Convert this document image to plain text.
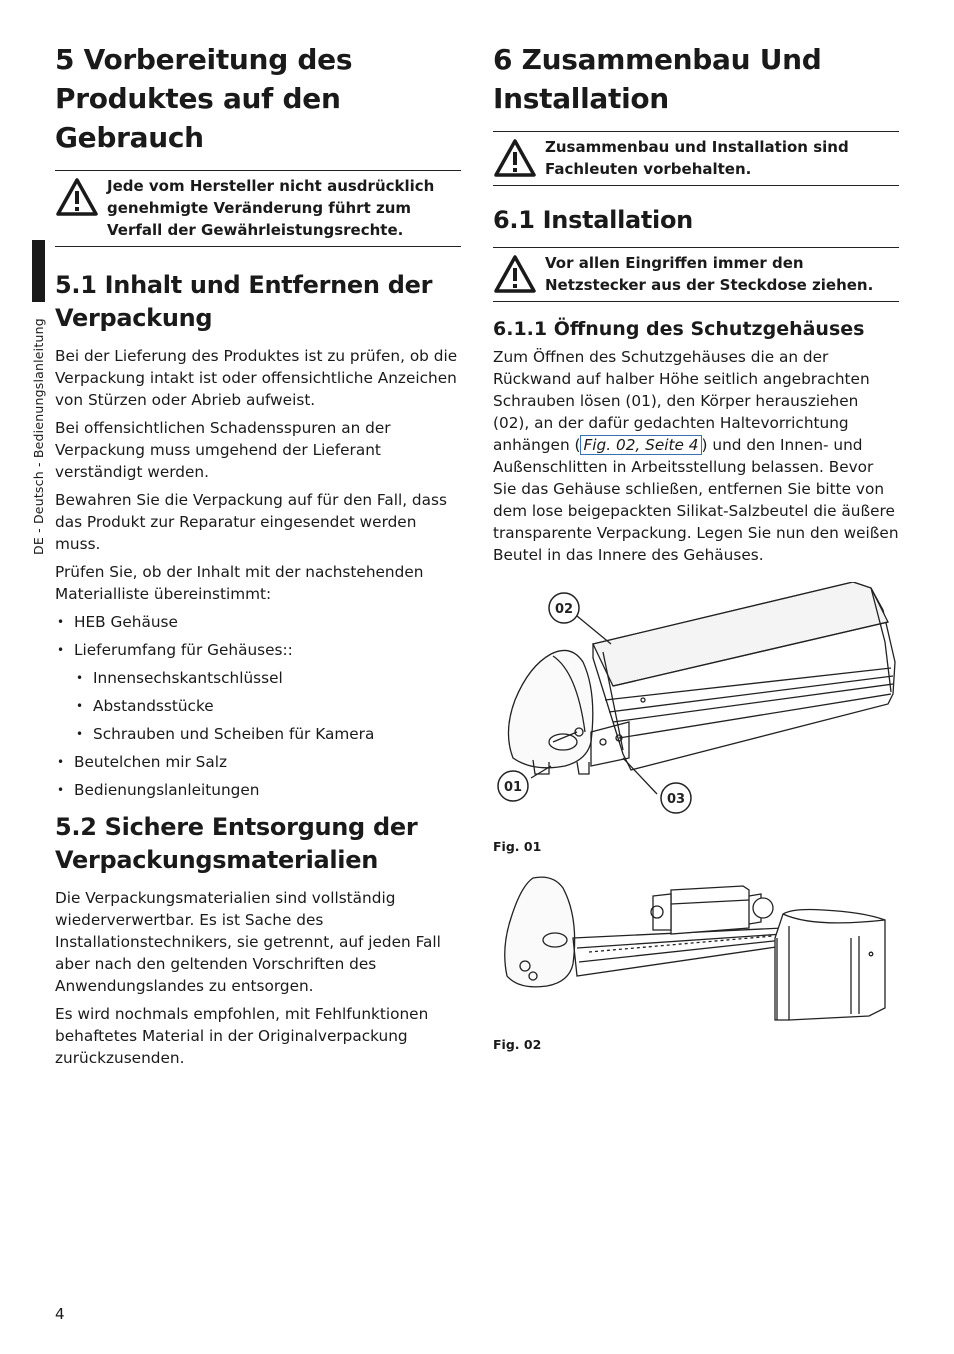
DE - Deutsch - Bedienungslanleitung
5 Vorbereitung des Produktes auf den Gebrauch
Jede vom Hersteller nicht ausdrücklich genehmigte Veränderung führt zum Verfall der Gewährleistungsrechte.
5.1 Inhalt und Entfernen der Verpackung

Bei der Lieferung des Produktes ist zu prüfen, ob die Verpackung intakt ist oder offensichtliche Anzeichen von Stürzen oder Abrieb aufweist.

Bei offensichtlichen Schadensspuren an der Verpackung muss umgehend der Lieferant verständigt werden.

Bewahren Sie die Verpackung auf für den Fall, dass das Produkt zur Reparatur eingesendet werden muss.

Prüfen Sie, ob der Inhalt mit der nachstehenden Materialliste übereinstimmt:

• HEB Gehäuse
• Lieferumfang für Gehäuses::
• Innensechskantschlüssel
• Abstandsstücke
• Schrauben und Scheiben für Kamera
• Beutelchen mir Salz
• Bedienungslanleitungen
5.2 Sichere Entsorgung der Verpackungsmaterialien

Die Verpackungsmaterialien sind vollständig wiederverwertbar. Es ist Sache des Installationstechnikers, sie getrennt, auf jeden Fall aber nach den geltenden Vorschriften des Anwendungslandes zu entsorgen.

Es wird nochmals empfohlen, mit Fehlfunktionen behaftetes Material in der Originalverpackung zurückzusenden.

6 Zusammenbau Und Installation
Zusammenbau und Installation sind Fachleuten vorbehalten.
6.1 Installation
Vor allen Eingriffen immer den Netzstecker aus der Steckdose ziehen.
6.1.1 Öffnung des Schutzgehäuses

Zum Öffnen des Schutzgehäuses die an der Rückwand auf halber Höhe seitlich angebrachten Schrauben lösen (01), den Körper herausziehen (02), an der dafür gedachten Haltevorrichtung anhängen ( Fig. 02, Seite 4 ) und den Innen- und Außenschlitten in Arbeitsstellung belassen. Bevor Sie das Gehäuse schließen, entfernen Sie bitte von dem lose beigepackten Silikat-Salzbeutel die äußere transparente Verpackung. Legen Sie nun den weißen Beutel in das Innere des Gehäuses.

02
01
03

Fig. 01

Fig. 02

4
